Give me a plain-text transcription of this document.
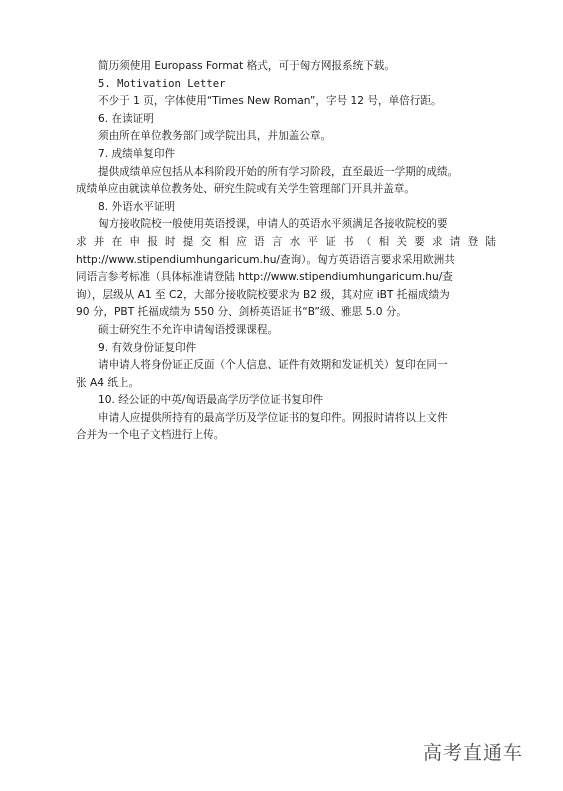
简历须使用 Europass Format 格式，可于匈方网报系统下载。
5. Motivation Letter
不少于 1 页，字体使用“Times New Roman”，字号 12 号，单倍行距。
6. 在读证明
须由所在单位教务部门或学院出具，并加盖公章。
7. 成绩单复印件
提供成绩单应包括从本科阶段开始的所有学习阶段，直至最近一学期的成绩。
成绩单应由就读单位教务处、研究生院或有关学生管理部门开具并盖章。
8. 外语水平证明
匈方接收院校一般使用英语授课，申请人的英语水平须满足各接收院校的要
求并在申报时提交相应语言水平证书（相关要求请登陆
http://www.stipendiumhungaricum.hu/查询）。匈方英语语言要求采用欧洲共
同语言参考标准（具体标准请登陆 http://www.stipendiumhungaricum.hu/查
询），层级从 A1 至 C2，大部分接收院校要求为 B2 级，其对应 iBT 托福成绩为
90 分，PBT 托福成绩为 550 分、剑桥英语证书“B”级、雅思 5.0 分。
硕士研究生不允许申请匈语授课课程。
9. 有效身份证复印件
请申请人将身份证正反面（个人信息、证件有效期和发证机关）复印在同一
张 A4 纸上。
10. 经公证的中英/匈语最高学历学位证书复印件
申请人应提供所持有的最高学历及学位证书的复印件。网报时请将以上文件
合并为一个电子文档进行上传。
高考直通车
